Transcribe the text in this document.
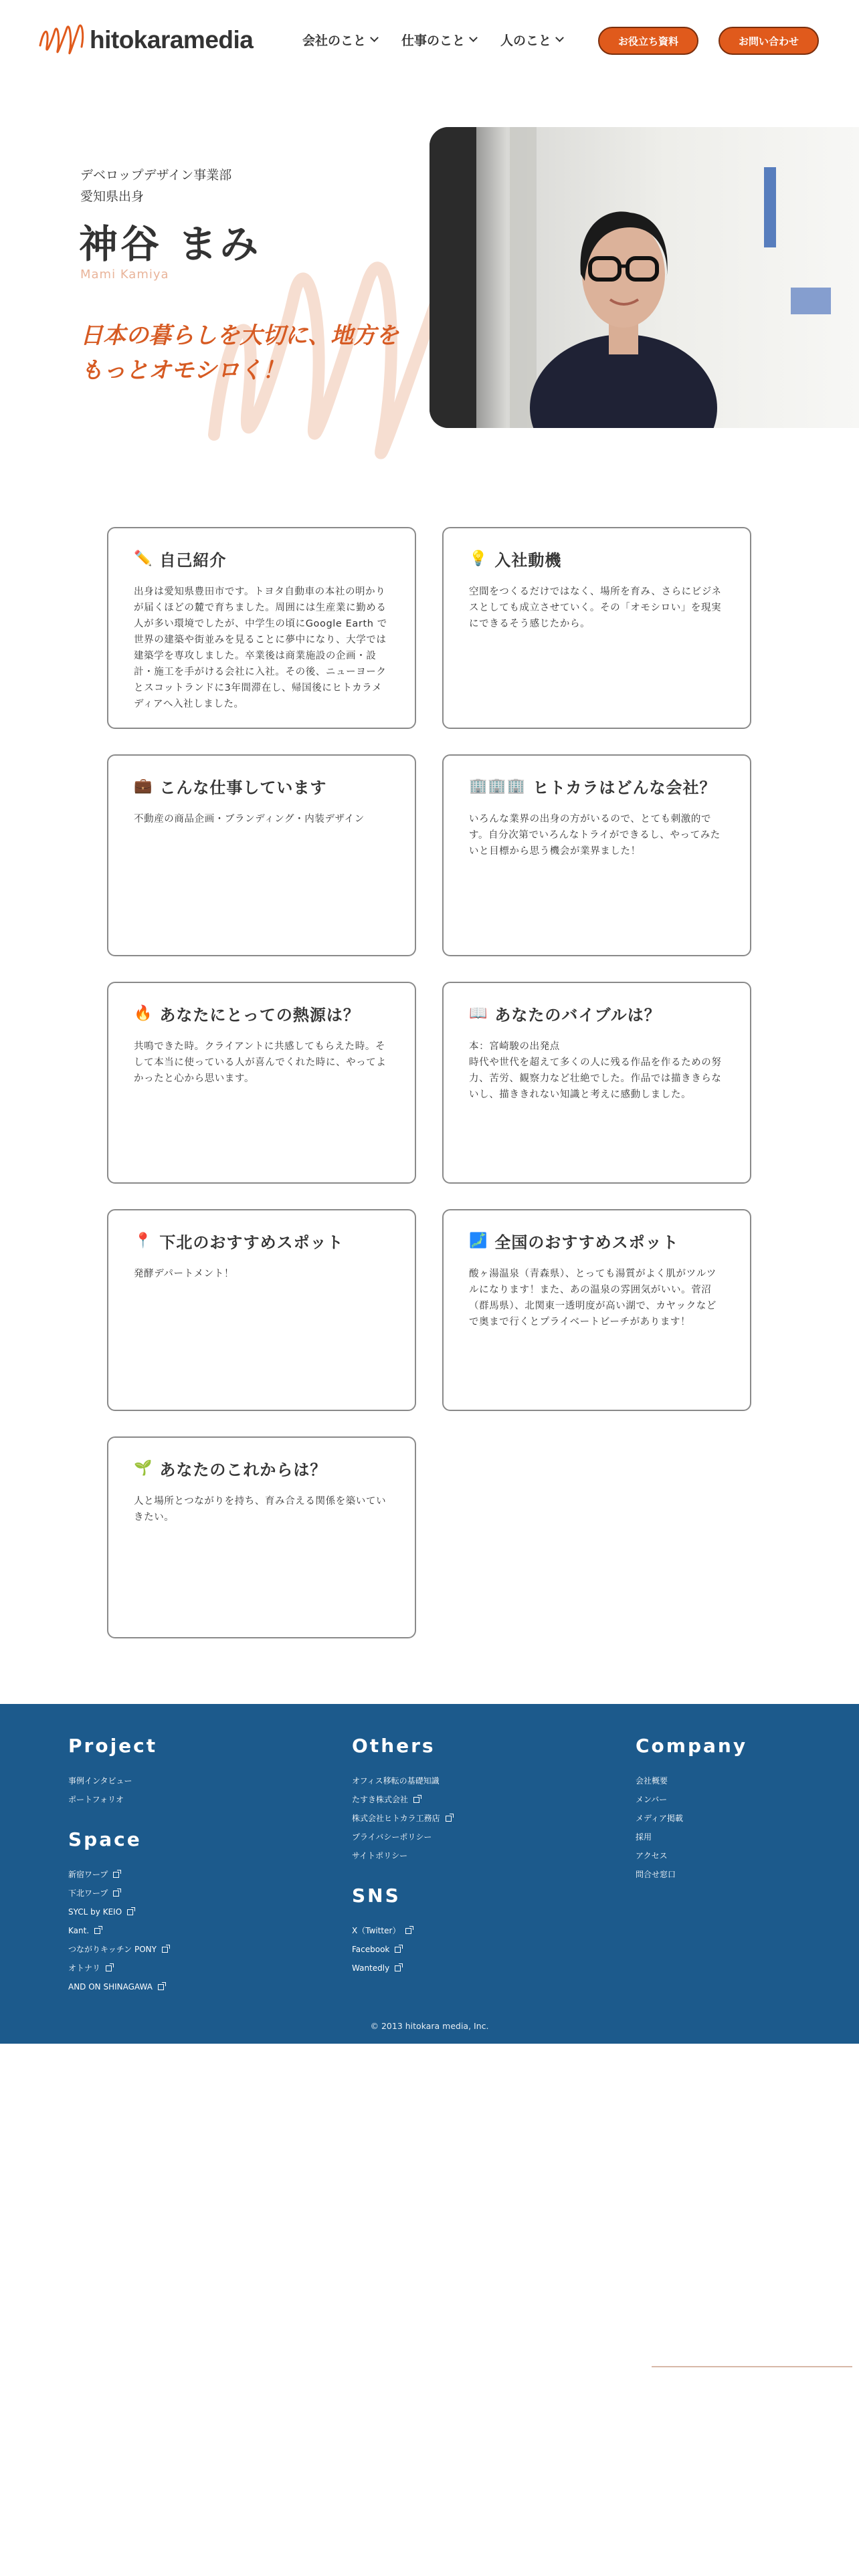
hitokaramedia	会社のこと	仕事のこと	人のこと	お役立ち資料	お問い合わせ
デベロップデザイン事業部
愛知県出身
神谷 まみ
Mami Kamiya
日本の暮らしを大切に、地方をもっとオモシロく！
✏️ 自己紹介
出身は愛知県豊田市です。トヨタ自動車の本社の明かりが届くほどの麓で育ちました。周囲には生産業に勤める人が多い環境でしたが、中学生の頃にGoogle Earth で世界の建築や街並みを見ることに夢中になり、大学では建築学を専攻しました。卒業後は商業施設の企画・設計・施工を手がける会社に入社。その後、ニューヨークとスコットランドに3年間滞在し、帰国後にヒトカラメディアへ入社しました。
💡 入社動機
空間をつくるだけではなく、場所を育み、さらにビジネスとしても成立させていく。その「オモシロい」を現実にできるそう感じたから。
💼 こんな仕事しています
不動産の商品企画・ブランディング・内装デザイン
🏢🏢🏢 ヒトカラはどんな会社？
いろんな業界の出身の方がいるので、とても刺激的です。自分次第でいろんなトライができるし、やってみたいと目標から思う機会が業界ました！
🔥 あなたにとっての熱源は？
共鳴できた時。クライアントに共感してもらえた時。そして本当に使っている人が喜んでくれた時に、やってよかったと心から思います。
📖 あなたのバイブルは？
本：宮崎駿の出発点
時代や世代を超えて多くの人に残る作品を作るための努力、苦労、観察力など壮絶でした。作品では描ききらないし、描ききれない知識と考えに感動しました。
📍 下北のおすすめスポット
発酵デパートメント！
🗾 全国のおすすめスポット
酸ヶ湯温泉（青森県）、とっても湯質がよく肌がツルツルになります！また、あの温泉の雰囲気がいい。菅沼（群馬県）、北関東一透明度が高い湖で、カヤックなどで奥まで行くとプライベートビーチがあります！
🌱 あなたのこれからは？
人と場所とつながりを持ち、育み合える関係を築いていきたい。
Project
事例インタビュー
ポートフォリオ
Space
新宿ワープ
下北ワープ
SYCL by KEIO
Kant.
つながりキッチン PONY
オトナリ
AND ON SHINAGAWA
Others
オフィス移転の基礎知識
たすき株式会社
株式会社ヒトカラ工務店
プライバシーポリシー
サイトポリシー
SNS
X（Twitter）
Facebook
Wantedly
Company
会社概要
メンバー
メディア掲載
採用
アクセス
問合せ窓口
© 2013 hitokara media, Inc.
